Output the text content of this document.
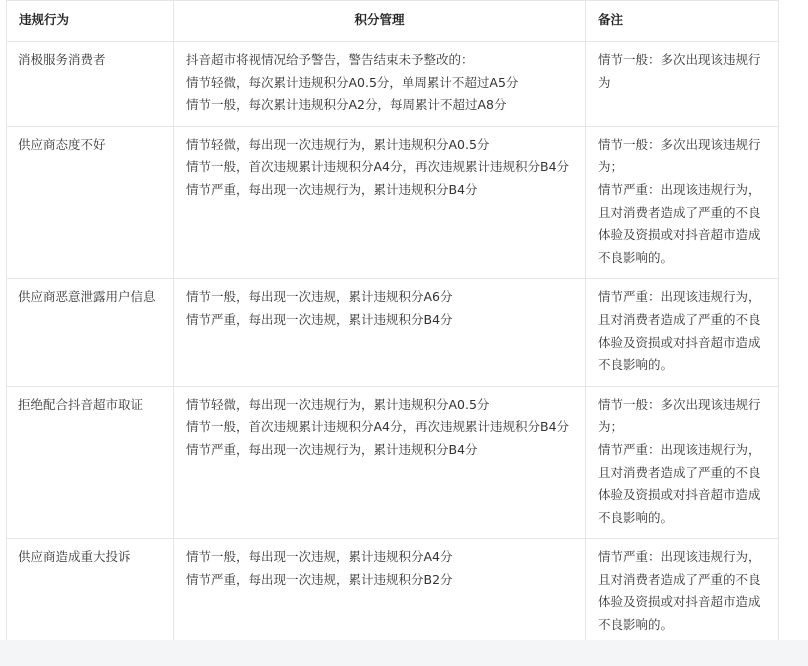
违规行为	积分管理	备注
消极服务消费者	抖音超市将视情况给予警告，警告结束未予整改的：
情节轻微，每次累计违规积分A0.5分，单周累计不超过A5分
情节一般，每次累计违规积分A2分，每周累计不超过A8分	情节一般：多次出现该违规行为

供应商态度不好	情节轻微，每出现一次违规行为，累计违规积分A0.5分
情节一般，首次违规累计违规积分A4分，再次违规累计违规积分B4分
情节严重，每出现一次违规行为，累计违规积分B4分	情节一般：多次出现该违规行为；
情节严重：出现该违规行为，且对消费者造成了严重的不良体验及资损或对抖音超市造成不良影响的。

供应商恶意泄露用户信息	情节一般，每出现一次违规，累计违规积分A6分
情节严重，每出现一次违规，累计违规积分B4分	情节严重：出现该违规行为，且对消费者造成了严重的不良体验及资损或对抖音超市造成不良影响的。

拒绝配合抖音超市取证	情节轻微，每出现一次违规行为，累计违规积分A0.5分
情节一般，首次违规累计违规积分A4分，再次违规累计违规积分B4分
情节严重，每出现一次违规行为，累计违规积分B4分	情节一般：多次出现该违规行为；
情节严重：出现该违规行为，且对消费者造成了严重的不良体验及资损或对抖音超市造成不良影响的。

供应商造成重大投诉	情节一般，每出现一次违规，累计违规积分A4分
情节严重，每出现一次违规，累计违规积分B2分	情节严重：出现该违规行为，且对消费者造成了严重的不良体验及资损或对抖音超市造成不良影响的。
